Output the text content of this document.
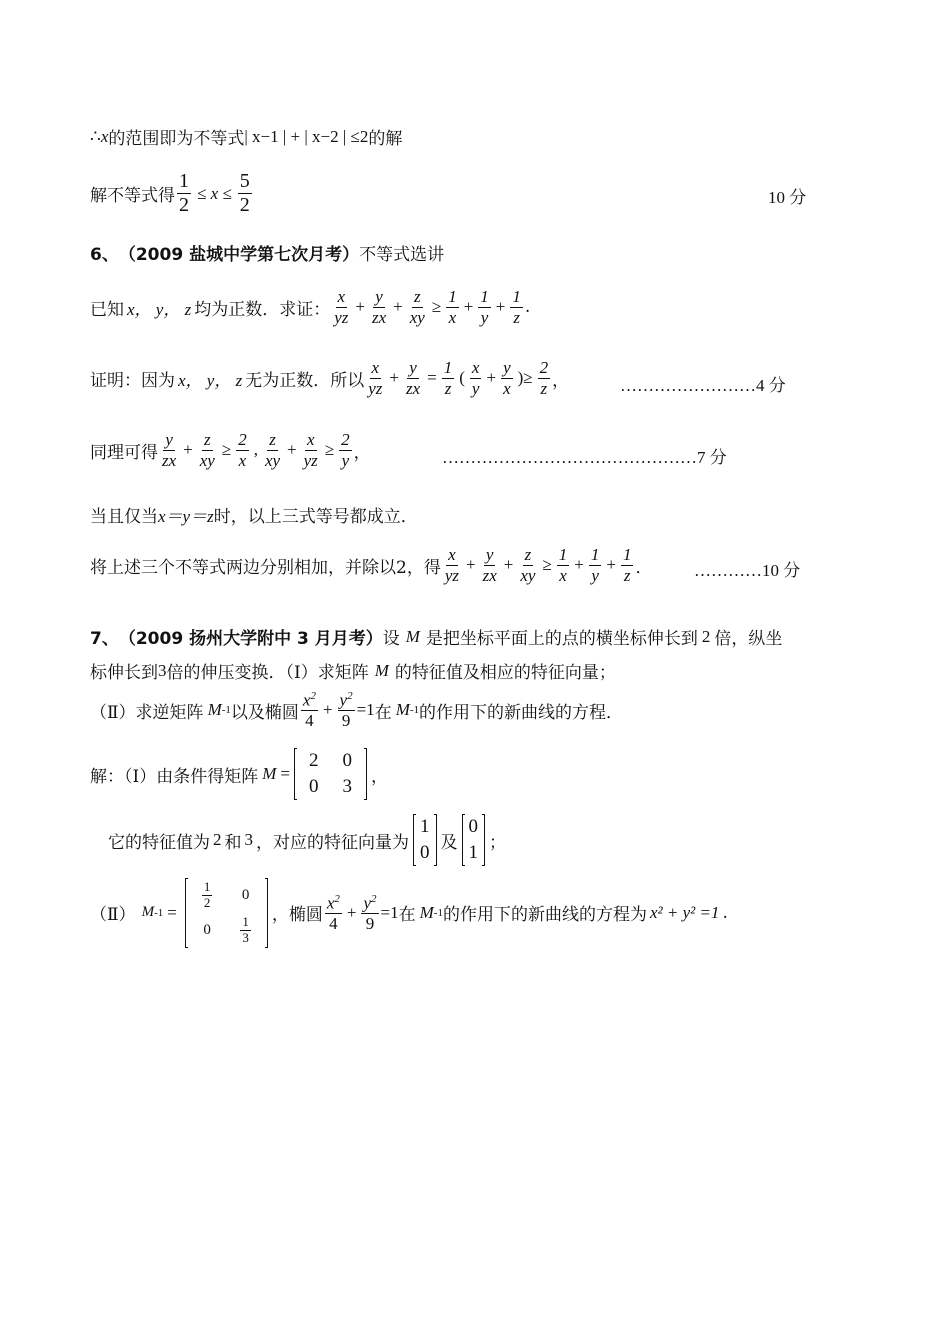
∴ x 的范围即为不等式 | x−1 | + | x−2 | ≤2 的解
解不等式得 $\frac{1}{2} \le x \le \frac{5}{2}$	10 分
6、 （2009 盐城中学第七次月考） 不等式选讲
已知 x， y， z 均为正数．求证： $\frac{x}{yz} + \frac{y}{zx} + \frac{z}{xy} \ge \frac{1}{x} + \frac{1}{y} + \frac{1}{z}$ .
证明：因为 x， y， z 无为正数．所以 $\frac{x}{yz} + \frac{y}{zx} = \frac{1}{z}$ ( $\frac{x}{y} + \frac{y}{x}$ )≥ $\frac{2}{z}$ ，	……………………4 分
同理可得 $\frac{y}{zx} + \frac{z}{xy} \ge \frac{2}{x}$ , $\frac{z}{xy} + \frac{x}{yz} \ge \frac{2}{y}$ ，	………………………………………7 分
当且仅当 x＝y＝z 时，以上三式等号都成立．
将上述三个不等式两边分别相加，并除以2，得 $\frac{x}{yz} + \frac{y}{zx} + \frac{z}{xy} \ge \frac{1}{x} + \frac{1}{y} + \frac{1}{z}$ ． …………10 分
7、 （2009 扬州大学附中 3 月月考） 设 M 是把坐标平面上的点的横坐标伸长到 2 倍，纵坐
标伸长到 3 倍的伸压变换．（Ⅰ）求矩阵 M 的特征值及相应的特征向量；
（Ⅱ）求逆矩阵 M -1 以及椭圆 $\frac{x^2}{4} + \frac{y^2}{9} =1$ 在 M -1 的作用下的新曲线的方程．
解：（Ⅰ）由条件得矩阵 M =
2	0
0	3 ，
它的特征值为 2 和 3 ，对应的特征向量为
1
0 及
0
1 ；
（Ⅱ） M -1 =
$\frac{1}{2}$	0
0	$\frac{1}{3}$ ，椭圆 $\frac{x^2}{4} + \frac{y^2}{9} =1$ 在 M -1 的作用下的新曲线的方程为 x² + y² =1 .
